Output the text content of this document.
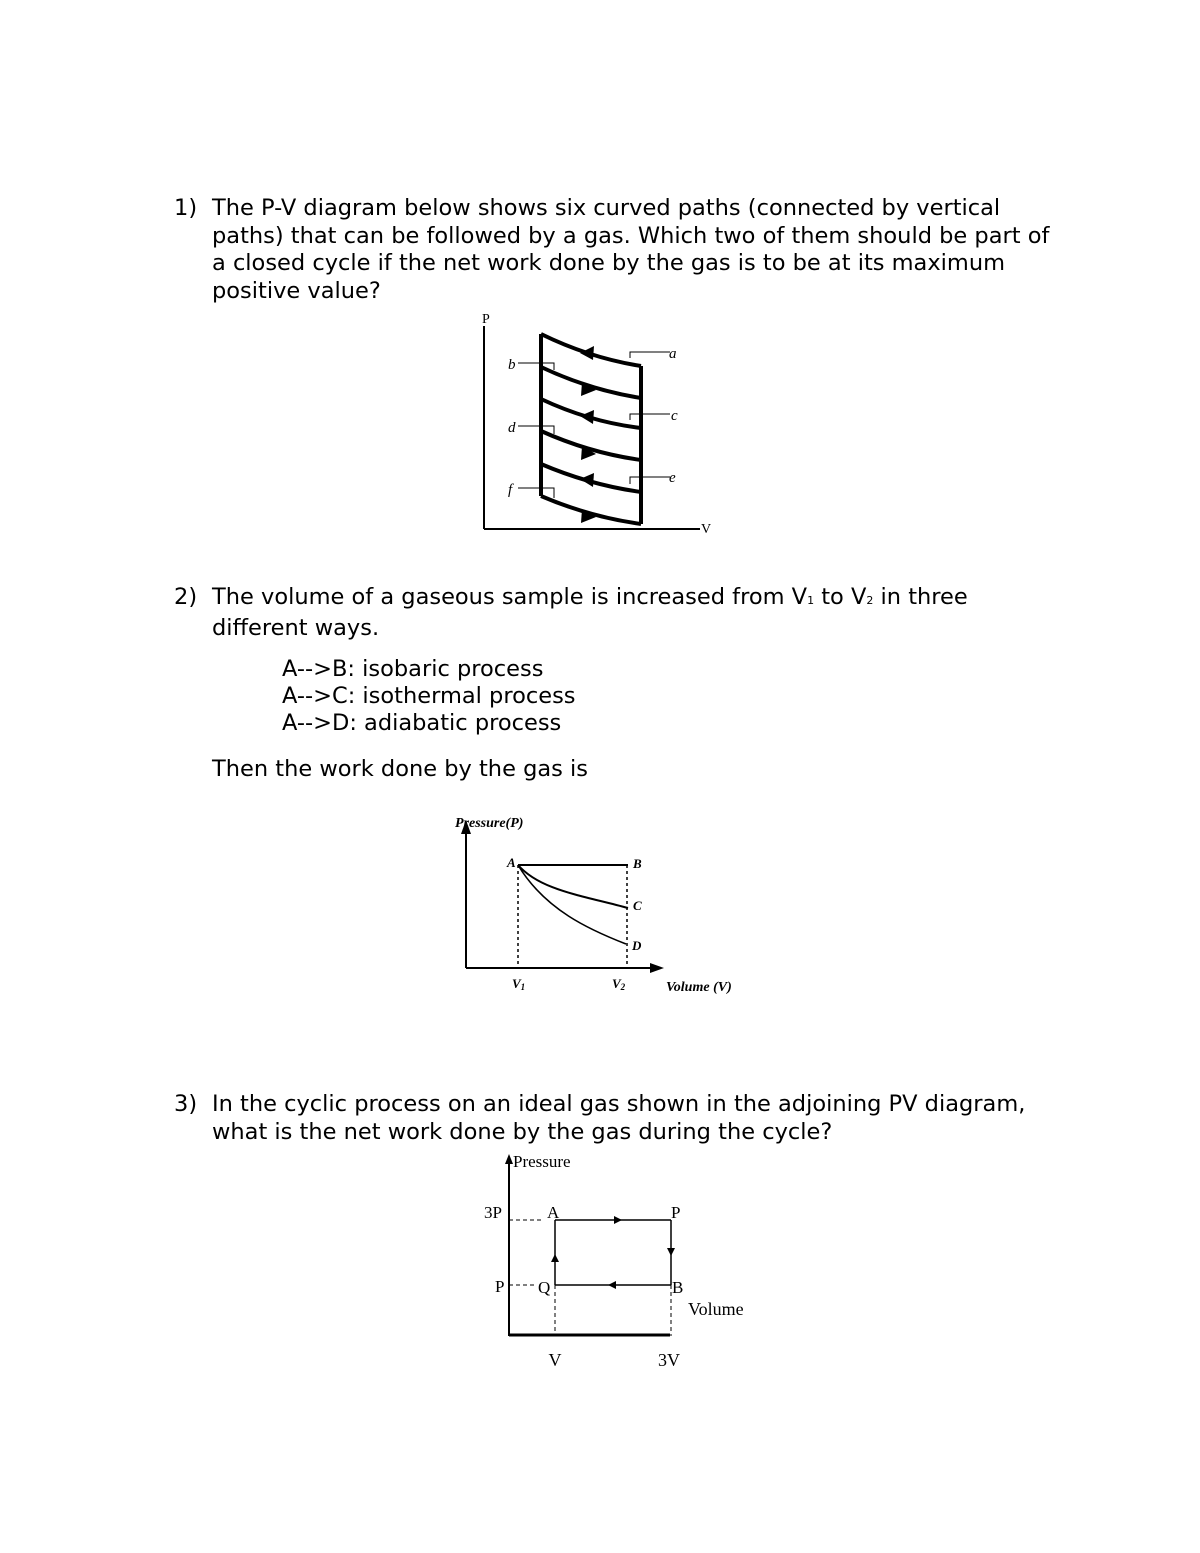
1) The P-V diagram below shows six curved paths (connected by vertical paths) that can be followed by a gas. Which two of them should be part of a closed cycle if the net work done by the gas is to be at its maximum positive value?
P
V
a
c
e
b
d
f
2) The volume of a gaseous sample is increased from V1 to V2 in three different ways.
A-->B: isobaric process
A-->C: isothermal process
A-->D: adiabatic process
Then the work done by the gas is
Pressure(P)
Volume (V)
A	B
C
D
V1	V2
3) In the cyclic process on an ideal gas shown in the adjoining PV diagram, what is the net work done by the gas during the cycle?
Pressure
Volume
3P
P
V	3V
A	P
Q	B
